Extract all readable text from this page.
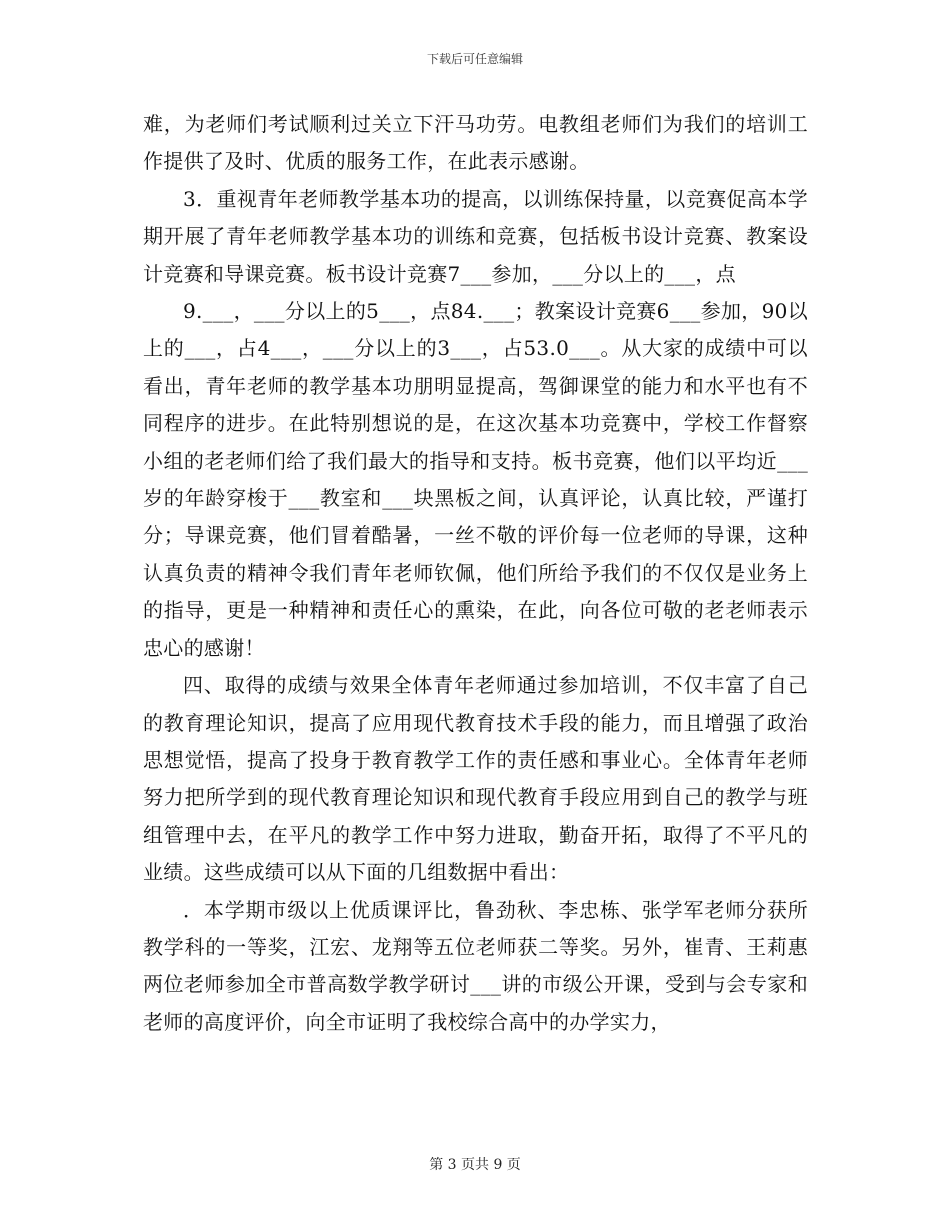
下载后可任意编辑

难，为老师们考试顺利过关立下汗马功劳。电教组老师们为我们的培训工作提供了及时、优质的服务工作，在此表示感谢。

3．重视青年老师教学基本功的提高，以训练保持量，以竞赛促高本学期开展了青年老师教学基本功的训练和竞赛，包括板书设计竞赛、教案设计竞赛和导课竞赛。板书设计竞赛7___参加，___分以上的___，点

9.___，___分以上的5___，点84.___；教案设计竞赛6___参加，90以上的___，占4___，___分以上的3___，占53.0___。从大家的成绩中可以看出，青年老师的教学基本功朋明显提高，驾御课堂的能力和水平也有不同程序的进步。在此特别想说的是，在这次基本功竞赛中，学校工作督察小组的老老师们给了我们最大的指导和支持。板书竞赛，他们以平均近___岁的年龄穿梭于___教室和___块黑板之间，认真评论，认真比较，严谨打分；导课竞赛，他们冒着酷暑，一丝不敬的评价每一位老师的导课，这种认真负责的精神令我们青年老师钦佩，他们所给予我们的不仅仅是业务上的指导，更是一种精神和责任心的熏染，在此，向各位可敬的老老师表示忠心的感谢！

四、取得的成绩与效果全体青年老师通过参加培训，不仅丰富了自己的教育理论知识，提高了应用现代教育技术手段的能力，而且增强了政治思想觉悟，提高了投身于教育教学工作的责任感和事业心。全体青年老师努力把所学到的现代教育理论知识和现代教育手段应用到自己的教学与班组管理中去，在平凡的教学工作中努力进取，勤奋开拓，取得了不平凡的业绩。这些成绩可以从下面的几组数据中看出：

．本学期市级以上优质课评比，鲁劲秋、李忠栋、张学军老师分获所教学科的一等奖，江宏、龙翔等五位老师获二等奖。另外，崔青、王莉惠两位老师参加全市普高数学教学研讨___讲的市级公开课，受到与会专家和老师的高度评价，向全市证明了我校综合高中的办学实力，

第 3 页共 9 页
